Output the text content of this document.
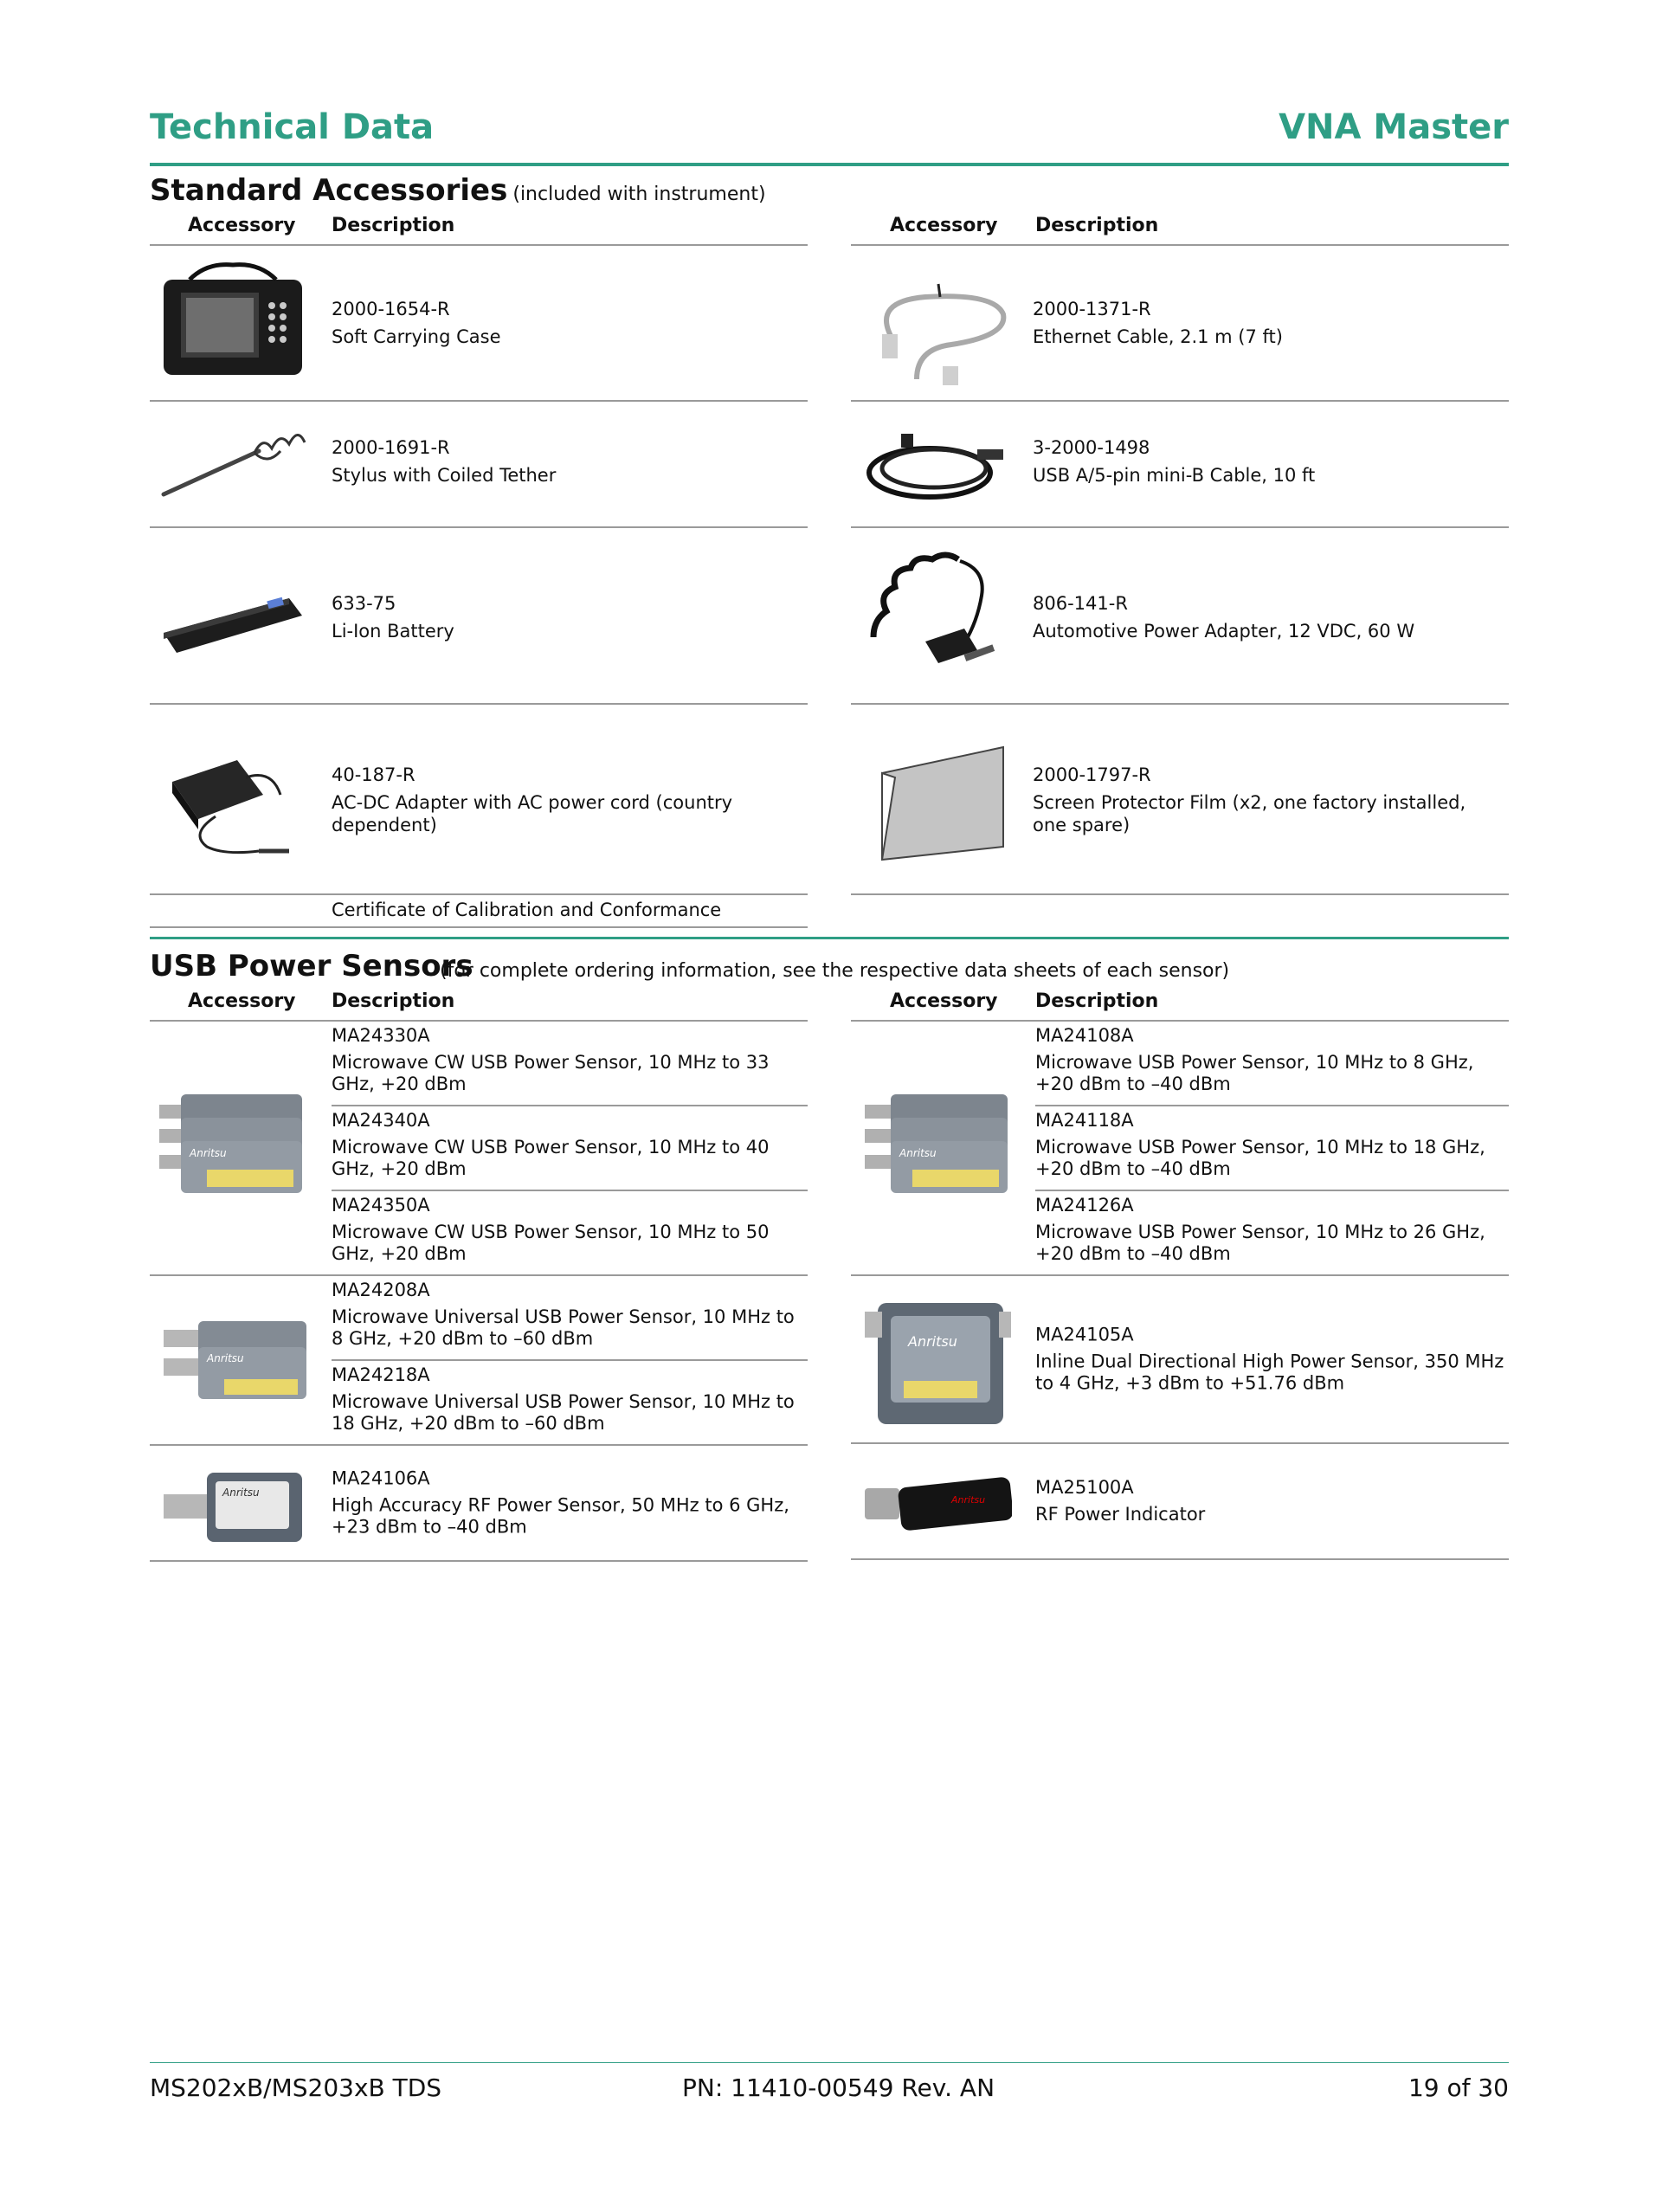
Technical Data	VNA Master
Standard Accessories (included with instrument)
Accessory Description
2000-1654-R
Soft Carrying Case
2000-1691-R
Stylus with Coiled Tether
633-75
Li-Ion Battery
40-187-R
AC-DC Adapter with AC power cord (country dependent)
Certificate of Calibration and Conformance
Accessory Description
2000-1371-R
Ethernet Cable, 2.1 m (7 ft)
3-2000-1498
USB A/5-pin mini-B Cable, 10 ft
806-141-R
Automotive Power Adapter, 12 VDC, 60 W
2000-1797-R
Screen Protector Film (x2, one factory installed, one spare)
USB Power Sensors
(for complete ordering information, see the respective data sheets of each sensor)
Accessory Description
Anritsu
MA24330A
Microwave CW USB Power Sensor, 10 MHz to 33 GHz, +20 dBm
MA24340A
Microwave CW USB Power Sensor, 10 MHz to 40 GHz, +20 dBm
MA24350A
Microwave CW USB Power Sensor, 10 MHz to 50 GHz, +20 dBm
Anritsu
MA24208A
Microwave Universal USB Power Sensor, 10 MHz to 8 GHz, +20 dBm to –60 dBm
MA24218A
Microwave Universal USB Power Sensor, 10 MHz to 18 GHz, +20 dBm to –60 dBm
Anritsu
MA24106A
High Accuracy RF Power Sensor, 50 MHz to 6 GHz, +23 dBm to –40 dBm
Accessory Description
Anritsu
MA24108A
Microwave USB Power Sensor, 10 MHz to 8 GHz, +20 dBm to –40 dBm
MA24118A
Microwave USB Power Sensor, 10 MHz to 18 GHz, +20 dBm to –40 dBm
MA24126A
Microwave USB Power Sensor, 10 MHz to 26 GHz, +20 dBm to –40 dBm
Anritsu	MA24105A
Inline Dual Directional High Power Sensor, 350 MHz to 4 GHz, +3 dBm to +51.76 dBm
Anritsu
MA25100A
RF Power Indicator
MS202xB/MS203xB TDS	PN: 11410-00549 Rev. AN	19 of 30
